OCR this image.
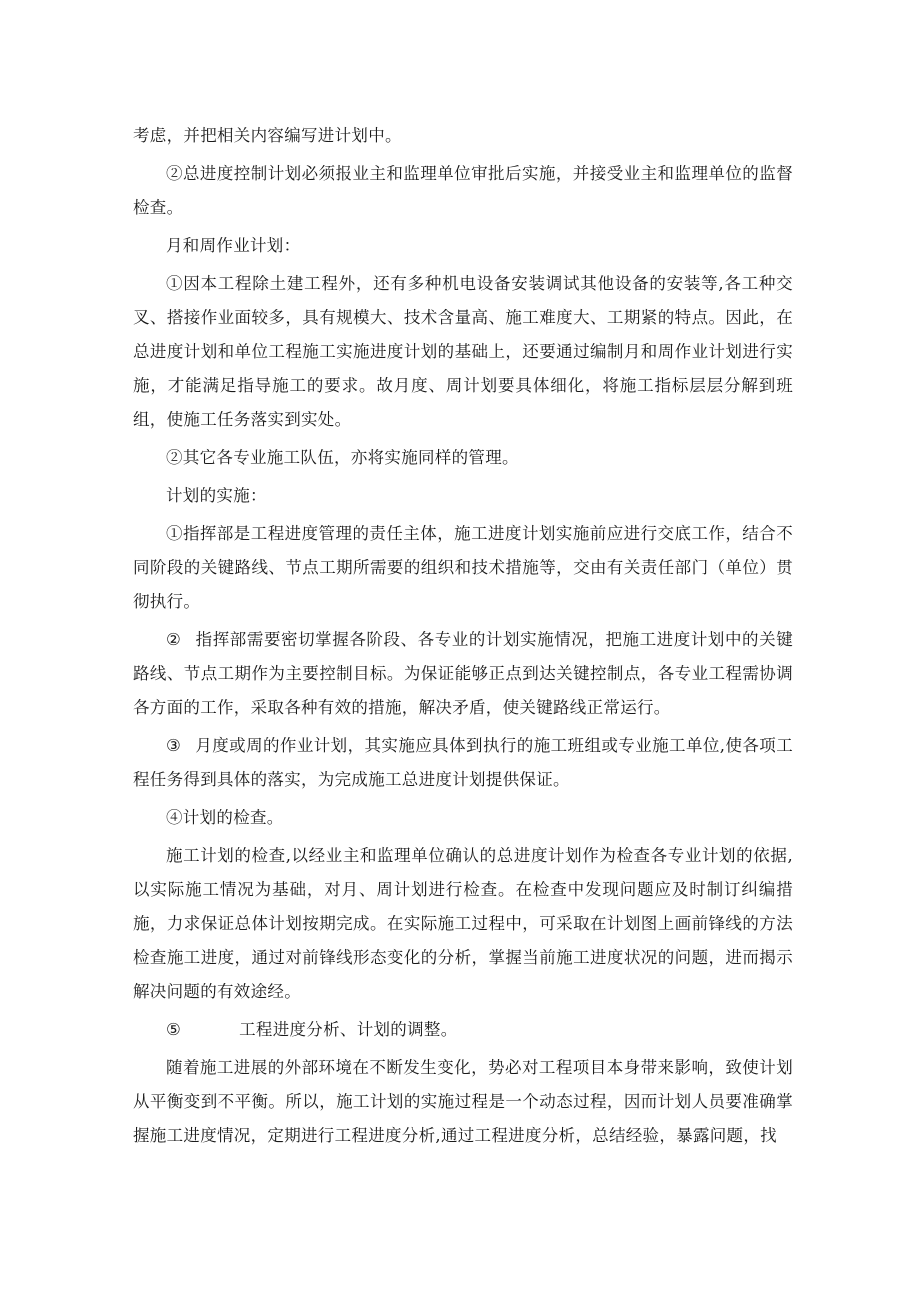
考虑，并把相关内容编写进计划中。

②总进度控制计划必须报业主和监理单位审批后实施，并接受业主和监理单位的监督检查。

月和周作业计划：

①因本工程除土建工程外，还有多种机电设备安装调试其他设备的安装等,各工种交叉、搭接作业面较多，具有规模大、技术含量高、施工难度大、工期紧的特点。因此，在总进度计划和单位工程施工实施进度计划的基础上，还要通过编制月和周作业计划进行实施，才能满足指导施工的要求。故月度、周计划要具体细化，将施工指标层层分解到班组，使施工任务落实到实处。

②其它各专业施工队伍，亦将实施同样的管理。

计划的实施：

①指挥部是工程进度管理的责任主体，施工进度计划实施前应进行交底工作，结合不同阶段的关键路线、节点工期所需要的组织和技术措施等，交由有关责任部门（单位）贯彻执行。

② 指挥部需要密切掌握各阶段、各专业的计划实施情况，把施工进度计划中的关键路线、节点工期作为主要控制目标。为保证能够正点到达关键控制点，各专业工程需协调各方面的工作，采取各种有效的措施，解决矛盾，使关键路线正常运行。

③ 月度或周的作业计划，其实施应具体到执行的施工班组或专业施工单位,使各项工程任务得到具体的落实，为完成施工总进度计划提供保证。

④计划的检查。

施工计划的检查,以经业主和监理单位确认的总进度计划作为检查各专业计划的依据,以实际施工情况为基础，对月、周计划进行检查。在检查中发现问题应及时制订纠编措施，力求保证总体计划按期完成。在实际施工过程中，可采取在计划图上画前锋线的方法检查施工进度，通过对前锋线形态变化的分析，掌握当前施工进度状况的问题，进而揭示解决问题的有效途经。

⑤	工程进度分析、计划的调整。

随着施工进展的外部环境在不断发生变化，势必对工程项目本身带来影响，致使计划从平衡变到不平衡。所以，施工计划的实施过程是一个动态过程，因而计划人员要准确掌握施工进度情况，定期进行工程进度分析,通过工程进度分析，总结经验，暴露问题，找
